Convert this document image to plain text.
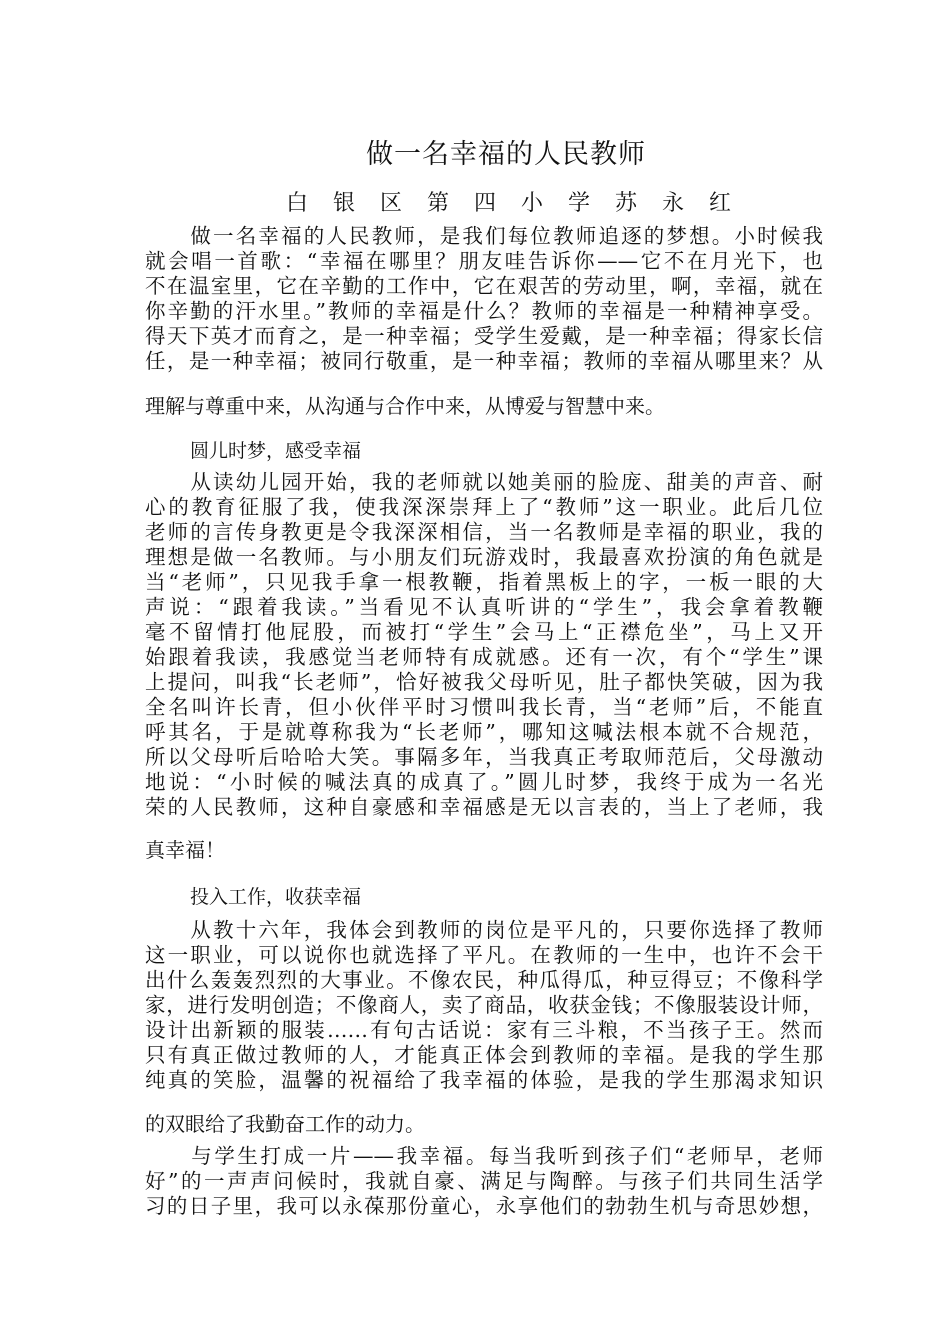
做一名幸福的人民教师
白 银 区 第 四 小 学 苏 永 红
　　做一名幸福的人民教师，是我们每位教师追逐的梦想。小时候我
就会唱一首歌：“幸福在哪里？朋友哇告诉你——它不在月光下，也
不在温室里，它在辛勤的工作中，它在艰苦的劳动里，啊，幸福，就在
你辛勤的汗水里。”教师的幸福是什么？教师的幸福是一种精神享受。
得天下英才而育之，是一种幸福；受学生爱戴，是一种幸福；得家长信
任，是一种幸福；被同行敬重，是一种幸福；教师的幸福从哪里来？从
理解与尊重中来，从沟通与合作中来，从博爱与智慧中来。
圆儿时梦，感受幸福
　　从读幼儿园开始，我的老师就以她美丽的脸庞、甜美的声音、耐
心的教育征服了我，使我深深崇拜上了“教师”这一职业。此后几位
老师的言传身教更是令我深深相信，当一名教师是幸福的职业，我的
理想是做一名教师。与小朋友们玩游戏时，我最喜欢扮演的角色就是
当“老师”，只见我手拿一根教鞭，指着黑板上的字，一板一眼的大
声说：“跟着我读。”当看见不认真听讲的“学生”，我会拿着教鞭
毫不留情打他屁股，而被打“学生”会马上“正襟危坐”，马上又开
始跟着我读，我感觉当老师特有成就感。还有一次，有个“学生”课
上提问，叫我“长老师”，恰好被我父母听见，肚子都快笑破，因为我
全名叫许长青，但小伙伴平时习惯叫我长青，当“老师”后，不能直
呼其名，于是就尊称我为“长老师”，哪知这喊法根本就不合规范，
所以父母听后哈哈大笑。事隔多年，当我真正考取师范后，父母激动
地说：“小时候的喊法真的成真了。”圆儿时梦，我终于成为一名光
荣的人民教师，这种自豪感和幸福感是无以言表的，当上了老师，我
真幸福！
投入工作，收获幸福
　　从教十六年，我体会到教师的岗位是平凡的，只要你选择了教师
这一职业，可以说你也就选择了平凡。在教师的一生中，也许不会干
出什么轰轰烈烈的大事业。不像农民，种瓜得瓜，种豆得豆；不像科学
家，进行发明创造；不像商人，卖了商品，收获金钱；不像服装设计师，
设计出新颖的服装……有句古话说：家有三斗粮，不当孩子王。然而
只有真正做过教师的人，才能真正体会到教师的幸福。是我的学生那
纯真的笑脸，温馨的祝福给了我幸福的体验，是我的学生那渴求知识
的双眼给了我勤奋工作的动力。
　　与学生打成一片——我幸福。每当我听到孩子们“老师早，老师
好”的一声声问候时，我就自豪、满足与陶醉。与孩子们共同生活学
习的日子里，我可以永葆那份童心，永享他们的勃勃生机与奇思妙想，
